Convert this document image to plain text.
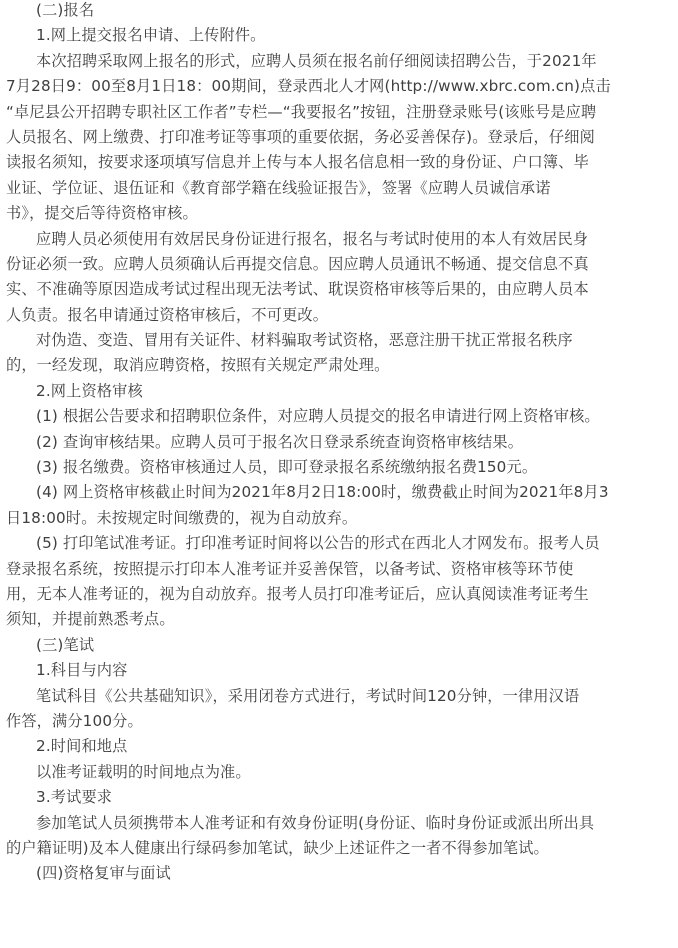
(二)报名
1.网上提交报名申请、上传附件。
本次招聘采取网上报名的形式，应聘人员须在报名前仔细阅读招聘公告，于2021年
7月28日9：00至8月1日18：00期间，登录西北人才网(http://www.xbrc.com.cn)点击
“卓尼县公开招聘专职社区工作者”专栏—“我要报名”按钮，注册登录账号(该账号是应聘
人员报名、网上缴费、打印准考证等事项的重要依据，务必妥善保存)。登录后，仔细阅
读报名须知，按要求逐项填写信息并上传与本人报名信息相一致的身份证、户口簿、毕
业证、学位证、退伍证和《教育部学籍在线验证报告》，签署《应聘人员诚信承诺
书》，提交后等待资格审核。
应聘人员必须使用有效居民身份证进行报名，报名与考试时使用的本人有效居民身
份证必须一致。应聘人员须确认后再提交信息。因应聘人员通讯不畅通、提交信息不真
实、不准确等原因造成考试过程出现无法考试、耽误资格审核等后果的，由应聘人员本
人负责。报名申请通过资格审核后，不可更改。
对伪造、变造、冒用有关证件、材料骗取考试资格，恶意注册干扰正常报名秩序
的，一经发现，取消应聘资格，按照有关规定严肃处理。
2.网上资格审核
(1) 根据公告要求和招聘职位条件，对应聘人员提交的报名申请进行网上资格审核。
(2) 查询审核结果。应聘人员可于报名次日登录系统查询资格审核结果。
(3) 报名缴费。资格审核通过人员，即可登录报名系统缴纳报名费150元。
(4) 网上资格审核截止时间为2021年8月2日18:00时，缴费截止时间为2021年8月3
日18:00时。未按规定时间缴费的，视为自动放弃。
(5) 打印笔试准考证。打印准考证时间将以公告的形式在西北人才网发布。报考人员
登录报名系统，按照提示打印本人准考证并妥善保管，以备考试、资格审核等环节使
用，无本人准考证的，视为自动放弃。报考人员打印准考证后，应认真阅读准考证考生
须知，并提前熟悉考点。
(三)笔试
1.科目与内容
笔试科目《公共基础知识》，采用闭卷方式进行，考试时间120分钟，一律用汉语
作答，满分100分。
2.时间和地点
以准考证载明的时间地点为准。
3.考试要求
参加笔试人员须携带本人准考证和有效身份证明(身份证、临时身份证或派出所出具
的户籍证明)及本人健康出行绿码参加笔试，缺少上述证件之一者不得参加笔试。
(四)资格复审与面试
